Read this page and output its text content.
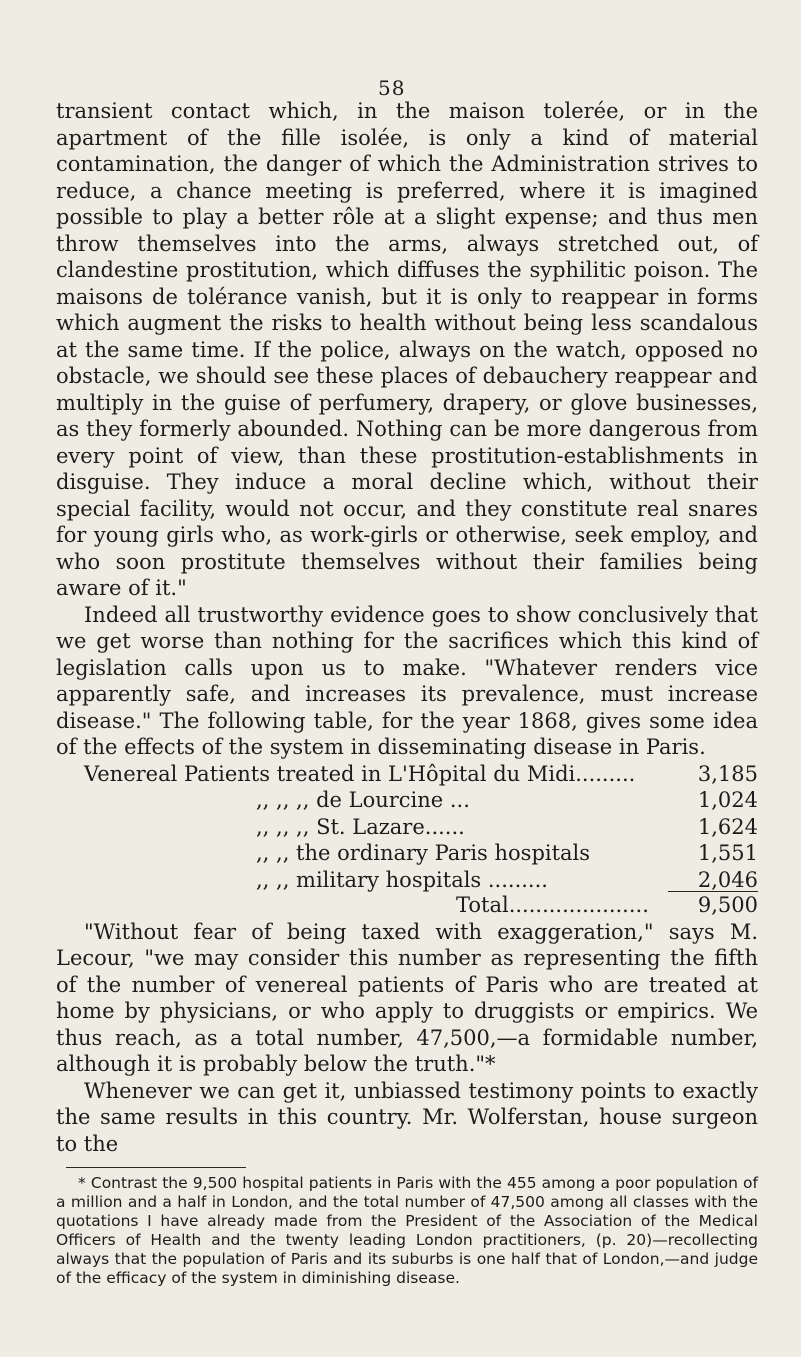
58

transient contact which, in the maison tolerée, or in the apartment of the fille isolée, is only a kind of material contamination, the danger of which the Administration strives to reduce, a chance meeting is preferred, where it is imagined possible to play a better rôle at a slight expense; and thus men throw themselves into the arms, always stretched out, of clandestine prostitution, which diffuses the syphilitic poison. The maisons de tolérance vanish, but it is only to reappear in forms which augment the risks to health without being less scandalous at the same time. If the police, always on the watch, opposed no obstacle, we should see these places of debauchery reappear and multiply in the guise of perfumery, drapery, or glove businesses, as they formerly abounded. Nothing can be more dangerous from every point of view, than these prostitution-establishments in disguise. They induce a moral decline which, without their special facility, would not occur, and they constitute real snares for young girls who, as work-girls or otherwise, seek employ, and who soon prostitute themselves without their families being aware of it."

Indeed all trustworthy evidence goes to show conclusively that we get worse than nothing for the sacrifices which this kind of legislation calls upon us to make. "Whatever renders vice apparently safe, and increases its prevalence, must increase disease." The following table, for the year 1868, gives some idea of the effects of the system in disseminating disease in Paris.

Venereal Patients treated in L'Hôpital du Midi.........	3,185
,, ,, ,, de Lourcine ...	1,024
,, ,, ,, St. Lazare......	1,624
,, ,, the ordinary Paris hospitals	1,551
,, ,, military hospitals .........	2,046
Total.....................	9,500

"Without fear of being taxed with exaggeration," says M. Lecour, "we may consider this number as representing the fifth of the number of venereal patients of Paris who are treated at home by physicians, or who apply to druggists or empirics. We thus reach, as a total number, 47,500,—a formidable number, although it is probably below the truth."*

Whenever we can get it, unbiassed testimony points to exactly the same results in this country. Mr. Wolferstan, house surgeon to the

* Contrast the 9,500 hospital patients in Paris with the 455 among a poor population of a million and a half in London, and the total number of 47,500 among all classes with the quotations I have already made from the President of the Association of the Medical Officers of Health and the twenty leading London practitioners, (p. 20)—recollecting always that the population of Paris and its suburbs is one half that of London,—and judge of the efficacy of the system in diminishing disease.
